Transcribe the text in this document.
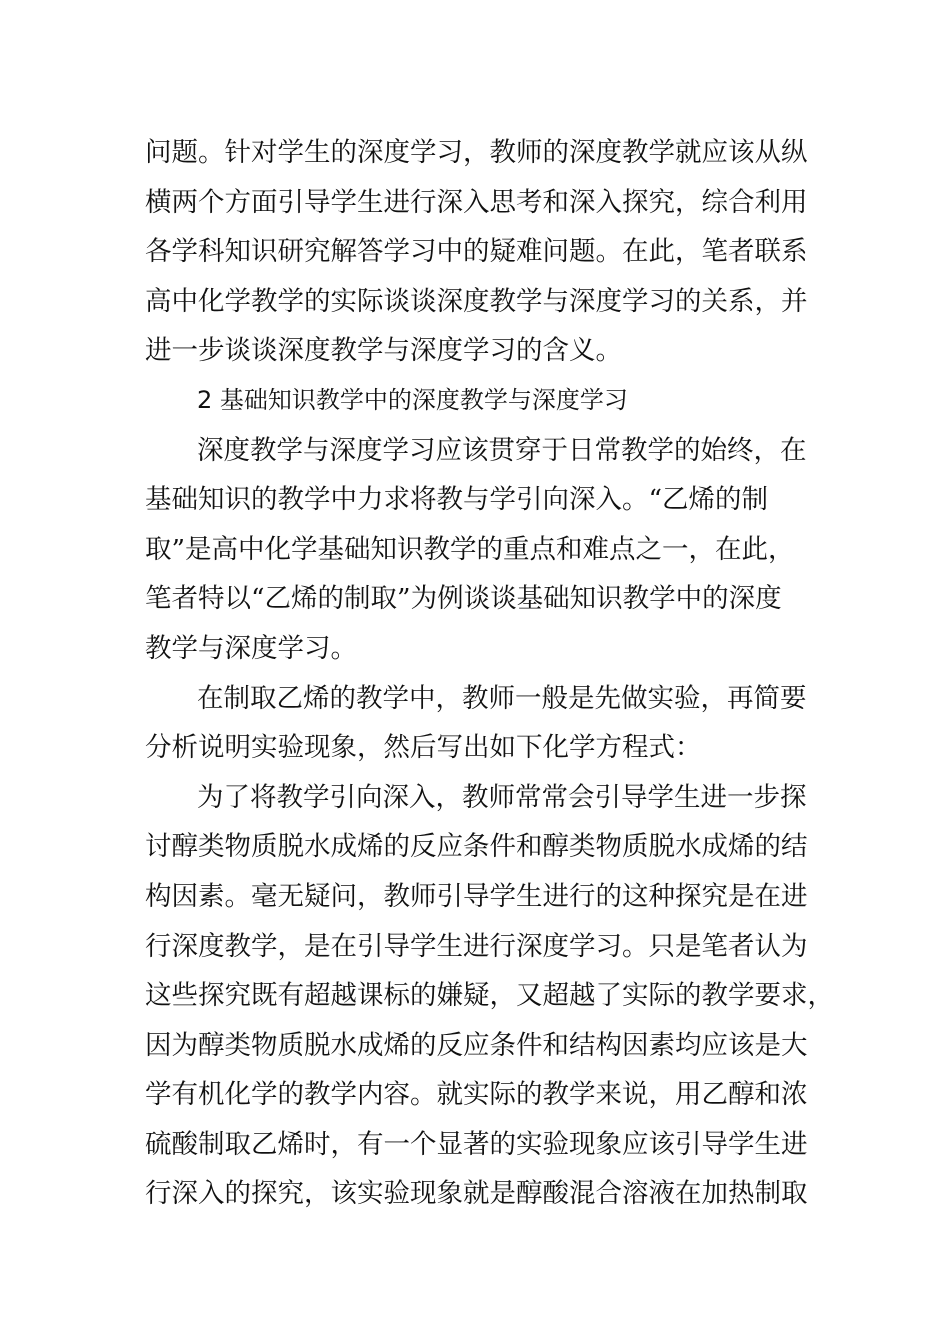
问题。针对学生的深度学习，教师的深度教学就应该从纵
横两个方面引导学生进行深入思考和深入探究，综合利用
各学科知识研究解答学习中的疑难问题。在此，笔者联系
高中化学教学的实际谈谈深度教学与深度学习的关系，并
进一步谈谈深度教学与深度学习的含义。
2 基础知识教学中的深度教学与深度学习
深度教学与深度学习应该贯穿于日常教学的始终，在
基础知识的教学中力求将教与学引向深入。“乙烯的制
取”是高中化学基础知识教学的重点和难点之一，在此，
笔者特以“乙烯的制取”为例谈谈基础知识教学中的深度
教学与深度学习。
在制取乙烯的教学中，教师一般是先做实验，再简要
分析说明实验现象，然后写出如下化学方程式：
为了将教学引向深入，教师常常会引导学生进一步探
讨醇类物质脱水成烯的反应条件和醇类物质脱水成烯的结
构因素。毫无疑问，教师引导学生进行的这种探究是在进
行深度教学，是在引导学生进行深度学习。只是笔者认为
这些探究既有超越课标的嫌疑，又超越了实际的教学要求，
因为醇类物质脱水成烯的反应条件和结构因素均应该是大
学有机化学的教学内容。就实际的教学来说，用乙醇和浓
硫酸制取乙烯时，有一个显著的实验现象应该引导学生进
行深入的探究，该实验现象就是醇酸混合溶液在加热制取
